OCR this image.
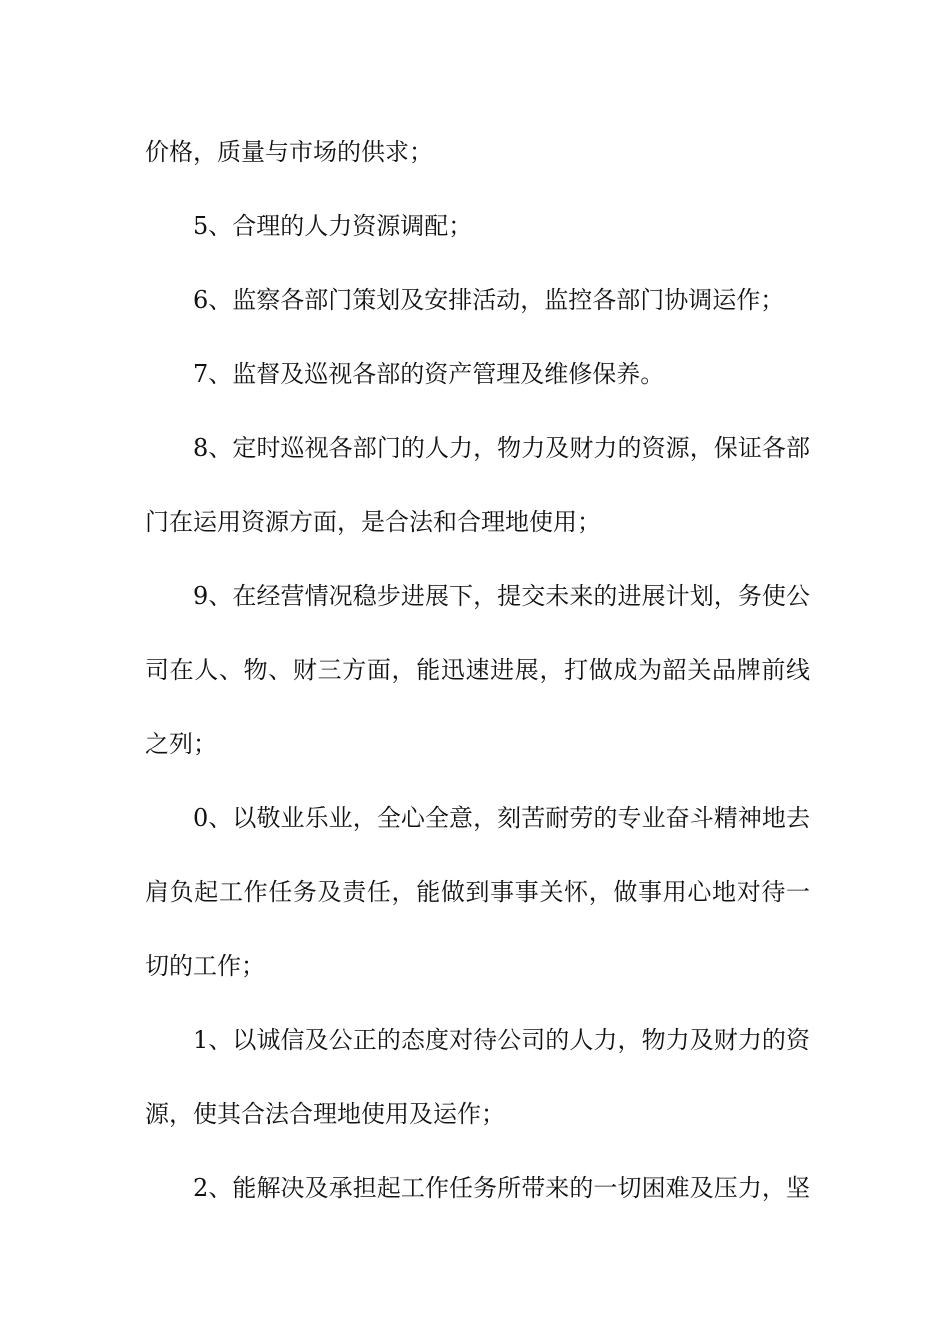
价格，质量与市场的供求；
5、合理的人力资源调配；
6、监察各部门策划及安排活动，监控各部门协调运作；
7、监督及巡视各部的资产管理及维修保养。
8、定时巡视各部门的人力，物力及财力的资源，保证各部
门在运用资源方面，是合法和合理地使用；
9、在经营情况稳步进展下，提交未来的进展计划，务使公
司在人、物、财三方面，能迅速进展，打做成为韶关品牌前线
之列；
0、以敬业乐业，全心全意，刻苦耐劳的专业奋斗精神地去
肩负起工作任务及责任，能做到事事关怀，做事用心地对待一
切的工作；
1、以诚信及公正的态度对待公司的人力，物力及财力的资
源，使其合法合理地使用及运作；
2、能解决及承担起工作任务所带来的一切困难及压力，坚
